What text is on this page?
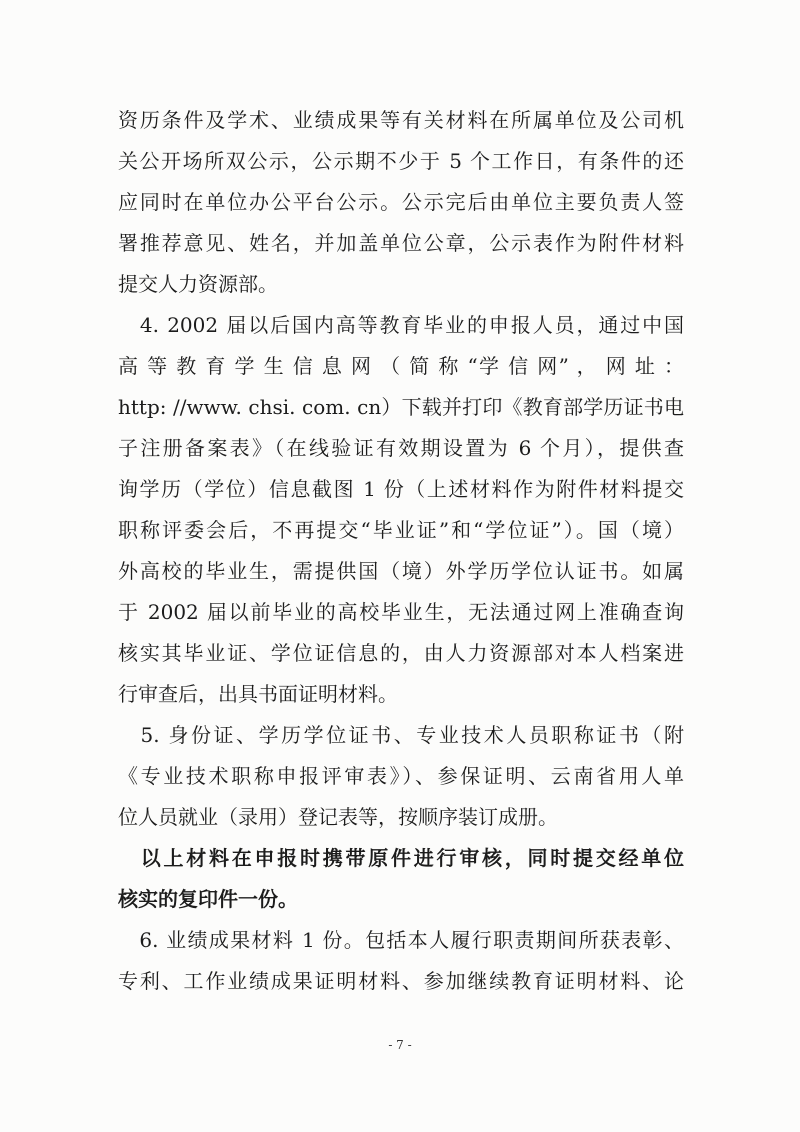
资历条件及学术、业绩成果等有关材料在所属单位及公司机
关公开场所双公示，公示期不少于 5 个工作日，有条件的还
应同时在单位办公平台公示。公示完后由单位主要负责人签
署推荐意见、姓名，并加盖单位公章，公示表作为附件材料
提交人力资源部。
　4. 2002 届以后国内高等教育毕业的申报人员，通过中国
高 等 教 育 学 生 信 息 网 （ 简 称 “学 信 网” ， 网 址 ：
http: //www. chsi. com. cn）下载并打印《教育部学历证书电
子注册备案表》（在线验证有效期设置为 6 个月），提供查
询学历（学位）信息截图 1 份（上述材料作为附件材料提交
职称评委会后，不再提交“毕业证”和“学位证”）。国（境）
外高校的毕业生，需提供国（境）外学历学位认证书。如属
于 2002 届以前毕业的高校毕业生，无法通过网上准确查询
核实其毕业证、学位证信息的，由人力资源部对本人档案进
行审查后，出具书面证明材料。
　5. 身份证、学历学位证书、专业技术人员职称证书（附
《专业技术职称申报评审表》）、参保证明、云南省用人单
位人员就业（录用）登记表等，按顺序装订成册。
　以上材料在申报时携带原件进行审核，同时提交经单位
核实的复印件一份。
　6. 业绩成果材料 1 份。包括本人履行职责期间所获表彰、
专利、工作业绩成果证明材料、参加继续教育证明材料、论
- 7 -
